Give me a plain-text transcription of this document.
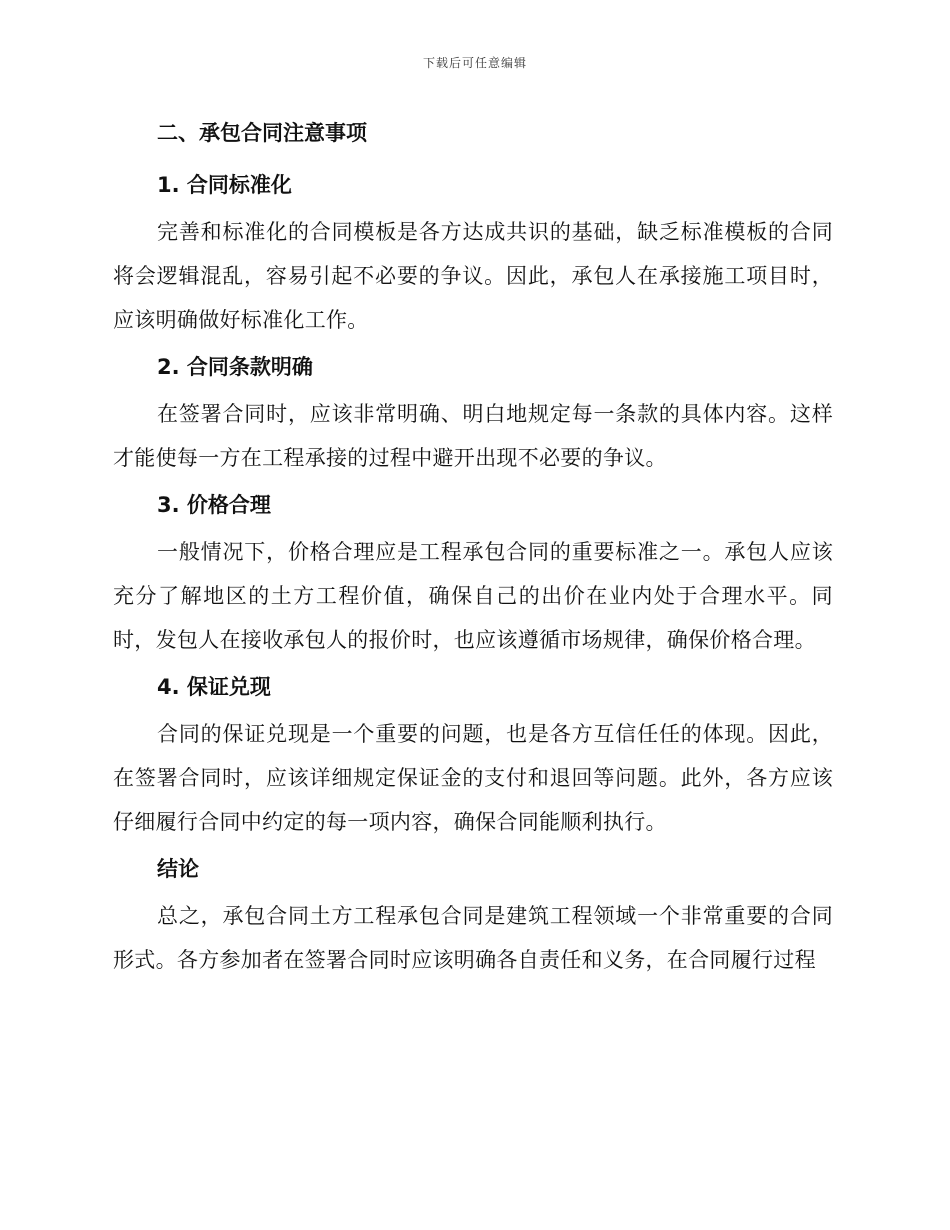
下载后可任意编辑
二、承包合同注意事项
1. 合同标准化

完善和标准化的合同模板是各方达成共识的基础，缺乏标准模板的合同将会逻辑混乱，容易引起不必要的争议。因此，承包人在承接施工项目时，应该明确做好标准化工作。

2. 合同条款明确

在签署合同时，应该非常明确、明白地规定每一条款的具体内容。这样才能使每一方在工程承接的过程中避开出现不必要的争议。

3. 价格合理

一般情况下，价格合理应是工程承包合同的重要标准之一。承包人应该充分了解地区的土方工程价值，确保自己的出价在业内处于合理水平。同时，发包人在接收承包人的报价时，也应该遵循市场规律，确保价格合理。

4. 保证兑现

合同的保证兑现是一个重要的问题，也是各方互信任任的体现。因此，在签署合同时，应该详细规定保证金的支付和退回等问题。此外，各方应该仔细履行合同中约定的每一项内容，确保合同能顺利执行。

结论

总之，承包合同土方工程承包合同是建筑工程领域一个非常重要的合同形式。各方参加者在签署合同时应该明确各自责任和义务，在合同履行过程
